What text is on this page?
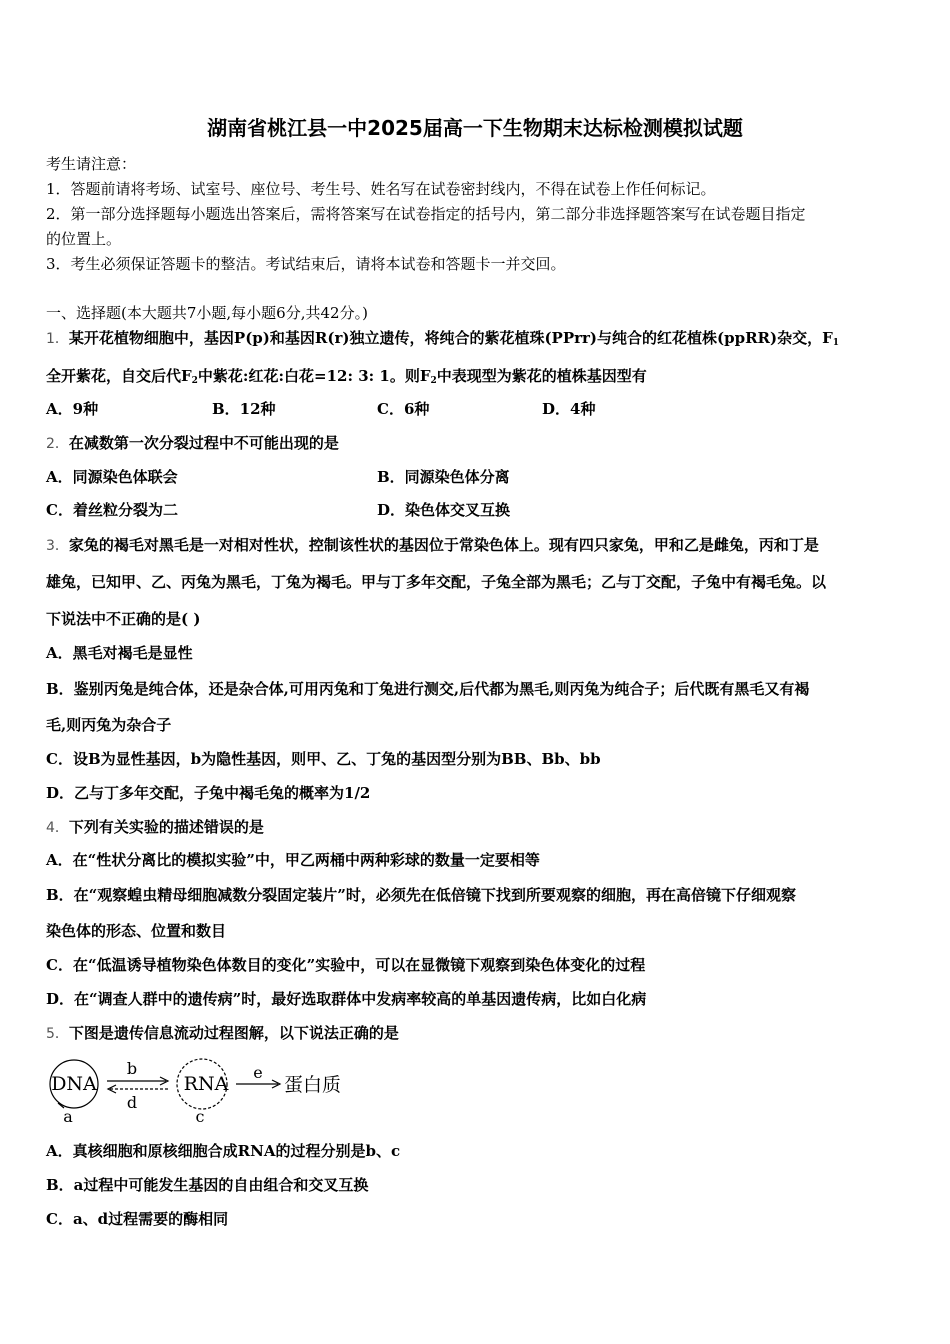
湖南省桃江县一中2025届高一下生物期末达标检测模拟试题
考生请注意：
1．答题前请将考场、试室号、座位号、考生号、姓名写在试卷密封线内，不得在试卷上作任何标记。
2．第一部分选择题每小题选出答案后，需将答案写在试卷指定的括号内，第二部分非选择题答案写在试卷题目指定
的位置上。
3．考生必须保证答题卡的整洁。考试结束后，请将本试卷和答题卡一并交回。
一、选择题(本大题共7小题,每小题6分,共42分。)
1．某开花植物细胞中，基因P(p)和基因R(r)独立遗传，将纯合的紫花植珠(PPrr)与纯合的红花植株(ppRR)杂交，$F_1$
全开紫花，自交后代$F_2$中紫花:红花:白花=12: 3: 1。则$F_2$中表现型为紫花的植株基因型有
A．9种	B．12种	C．6种	D．4种
2．在减数第一次分裂过程中不可能出现的是
A．同源染色体联会	B．同源染色体分离
C．着丝粒分裂为二	D．染色体交叉互换
3．家兔的褐毛对黑毛是一对相对性状，控制该性状的基因位于常染色体上。现有四只家兔，甲和乙是雌兔，丙和丁是
雄兔，已知甲、乙、丙兔为黑毛，丁兔为褐毛。甲与丁多年交配，子兔全部为黑毛；乙与丁交配，子兔中有褐毛兔。以
下说法中不正确的是( )
A．黑毛对褐毛是显性
B．鉴别丙兔是纯合体，还是杂合体,可用丙兔和丁兔进行测交,后代都为黑毛,则丙兔为纯合子；后代既有黑毛又有褐
毛,则丙兔为杂合子
C．设B为显性基因，b为隐性基因，则甲、乙、丁兔的基因型分别为BB、Bb、bb
D．乙与丁多年交配，子兔中褐毛兔的概率为1/2
4．下列有关实验的描述错误的是
A．在“性状分离比的模拟实验”中，甲乙两桶中两种彩球的数量一定要相等
B．在“观察蝗虫精母细胞减数分裂固定装片”时，必须先在低倍镜下找到所要观察的细胞，再在高倍镜下仔细观察
染色体的形态、位置和数目
C．在“低温诱导植物染色体数目的变化”实验中，可以在显微镜下观察到染色体变化的过程
D．在“调查人群中的遗传病”时，最好选取群体中发病率较高的单基因遗传病，比如白化病
5．下图是遗传信息流动过程图解，以下说法正确的是
DNA
a
b
d
RNA
c
e
蛋白质
A．真核细胞和原核细胞合成RNA的过程分别是b、c
B．a过程中可能发生基因的自由组合和交叉互换
C．a、d过程需要的酶相同
